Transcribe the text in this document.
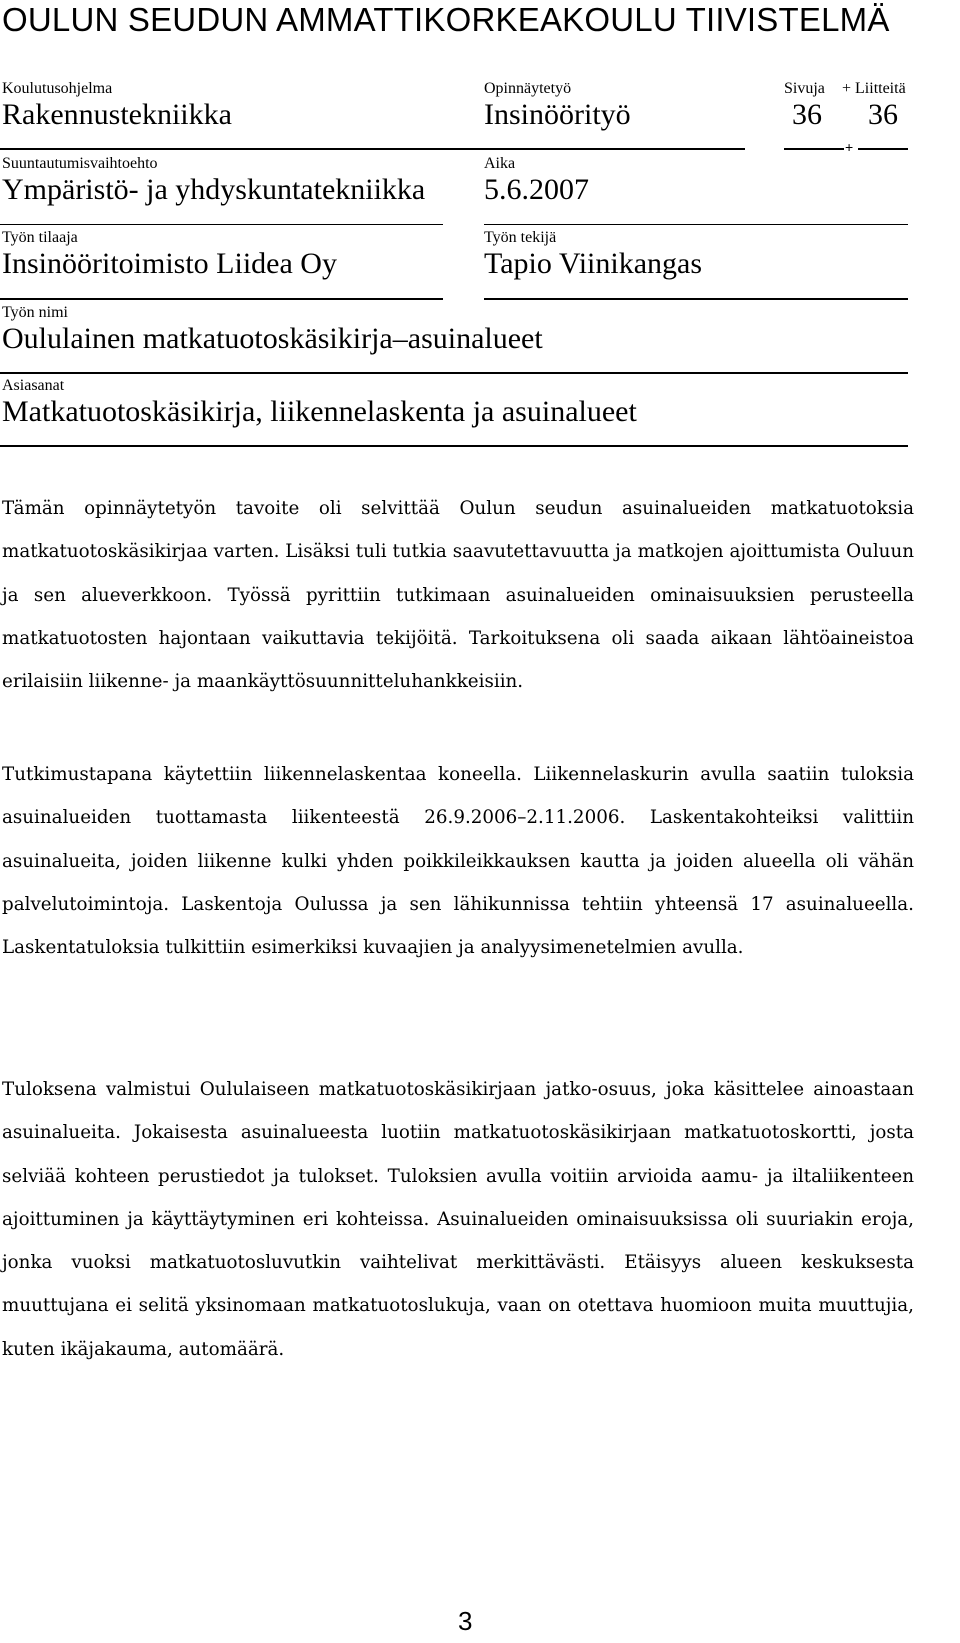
OULUN SEUDUN AMMATTIKORKEAKOULU TIIVISTELMÄ
Koulutusohjelma
Rakennustekniikka
Opinnäytetyö
Insinöörityö
Sivuja + Liitteitä
36 36
+
Suuntautumisvaihtoehto
Ympäristö- ja yhdyskuntatekniikka
Aika
5.6.2007
Työn tilaaja
Insinööritoimisto Liidea Oy
Työn tekijä
Tapio Viinikangas
Työn nimi
Oululainen matkatuotoskäsikirja–asuinalueet
Asiasanat
Matkatuotoskäsikirja, liikennelaskenta ja asuinalueet
Tämän opinnäytetyön tavoite oli selvittää Oulun seudun asuinalueiden matkatuotoksia matkatuotoskäsikirjaa varten. Lisäksi tuli tutkia saavutettavuutta ja matkojen ajoittumista Ouluun ja sen alueverkkoon. Työssä pyrittiin tutkimaan asuinalueiden ominaisuuksien perusteella matkatuotosten hajontaan vaikuttavia tekijöitä. Tarkoituksena oli saada aikaan lähtöaineistoa erilaisiin liikenne- ja maankäyttösuunnitteluhankkeisiin.
Tutkimustapana käytettiin liikennelaskentaa koneella. Liikennelaskurin avulla saatiin tuloksia asuinalueiden tuottamasta liikenteestä 26.9.2006–2.11.2006. Laskentakohteiksi valittiin asuinalueita, joiden liikenne kulki yhden poikkileikkauksen kautta ja joiden alueella oli vähän palvelutoimintoja. Laskentoja Oulussa ja sen lähikunnissa tehtiin yhteensä 17 asuinalueella. Laskentatuloksia tulkittiin esimerkiksi kuvaajien ja analyysimenetelmien avulla.
Tuloksena valmistui Oululaiseen matkatuotoskäsikirjaan jatko-osuus, joka käsittelee ainoastaan asuinalueita. Jokaisesta asuinalueesta luotiin matkatuotoskäsikirjaan matkatuotoskortti, josta selviää kohteen perustiedot ja tulokset. Tuloksien avulla voitiin arvioida aamu- ja iltaliikenteen ajoittuminen ja käyttäytyminen eri kohteissa. Asuinalueiden ominaisuuksissa oli suuriakin eroja, jonka vuoksi matkatuotosluvutkin vaihtelivat merkittävästi. Etäisyys alueen keskuksesta muuttujana ei selitä yksinomaan matkatuotoslukuja, vaan on otettava huomioon muita muuttujia, kuten ikäjakauma, automäärä.
3
